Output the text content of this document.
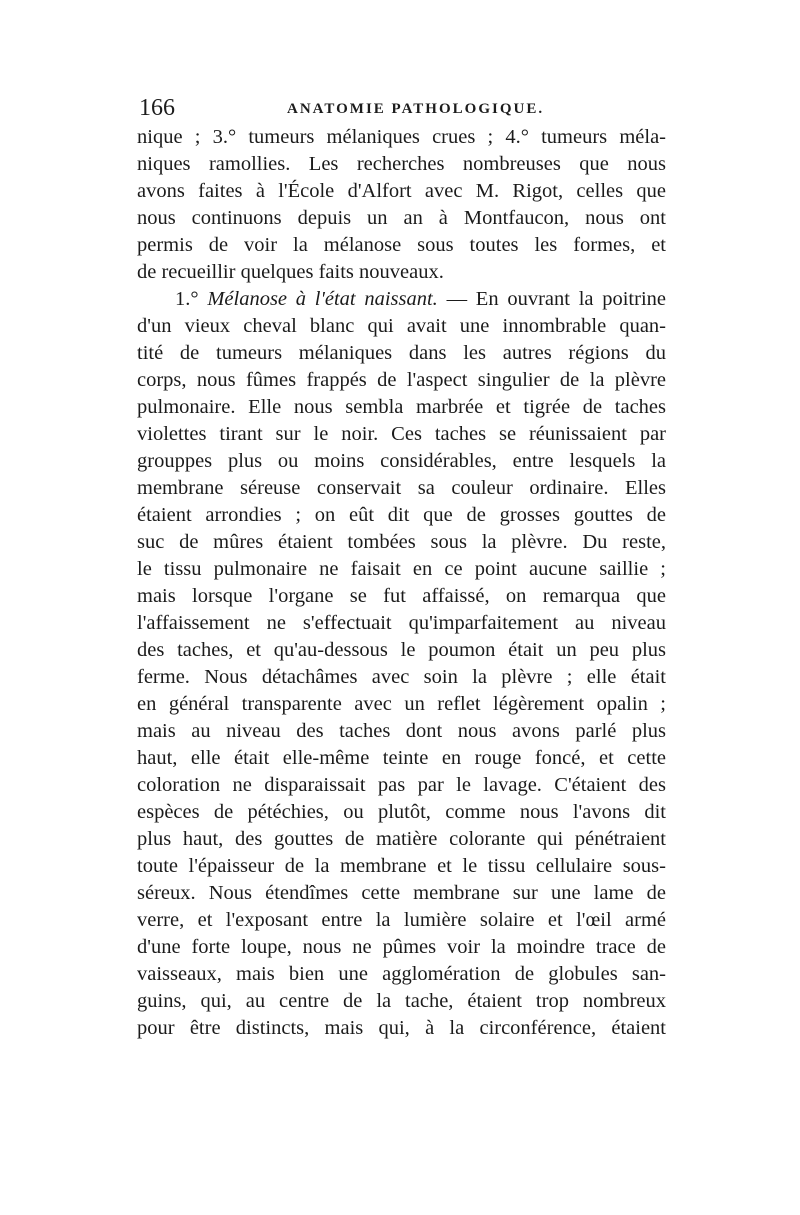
166	ANATOMIE PATHOLOGIQUE.
nique ; 3.° tumeurs mélaniques crues ; 4.° tumeurs méla-
niques ramollies. Les recherches nombreuses que nous
avons faites à l'École d'Alfort avec M. Rigot, celles que
nous continuons depuis un an à Montfaucon, nous ont
permis de voir la mélanose sous toutes les formes, et
de recueillir quelques faits nouveaux.
1.° Mélanose à l'état naissant. — En ouvrant la poitrine
d'un vieux cheval blanc qui avait une innombrable quan-
tité de tumeurs mélaniques dans les autres régions du
corps, nous fûmes frappés de l'aspect singulier de la plèvre
pulmonaire. Elle nous sembla marbrée et tigrée de taches
violettes tirant sur le noir. Ces taches se réunissaient par
grouppes plus ou moins considérables, entre lesquels la
membrane séreuse conservait sa couleur ordinaire. Elles
étaient arrondies ; on eût dit que de grosses gouttes de
suc de mûres étaient tombées sous la plèvre. Du reste,
le tissu pulmonaire ne faisait en ce point aucune saillie ;
mais lorsque l'organe se fut affaissé, on remarqua que
l'affaissement ne s'effectuait qu'imparfaitement au niveau
des taches, et qu'au-dessous le poumon était un peu plus
ferme. Nous détachâmes avec soin la plèvre ; elle était
en général transparente avec un reflet légèrement opalin ;
mais au niveau des taches dont nous avons parlé plus
haut, elle était elle-même teinte en rouge foncé, et cette
coloration ne disparaissait pas par le lavage. C'étaient des
espèces de pétéchies, ou plutôt, comme nous l'avons dit
plus haut, des gouttes de matière colorante qui pénétraient
toute l'épaisseur de la membrane et le tissu cellulaire sous-
séreux. Nous étendîmes cette membrane sur une lame de
verre, et l'exposant entre la lumière solaire et l'œil armé
d'une forte loupe, nous ne pûmes voir la moindre trace de
vaisseaux, mais bien une agglomération de globules san-
guins, qui, au centre de la tache, étaient trop nombreux
pour être distincts, mais qui, à la circonférence, étaient
